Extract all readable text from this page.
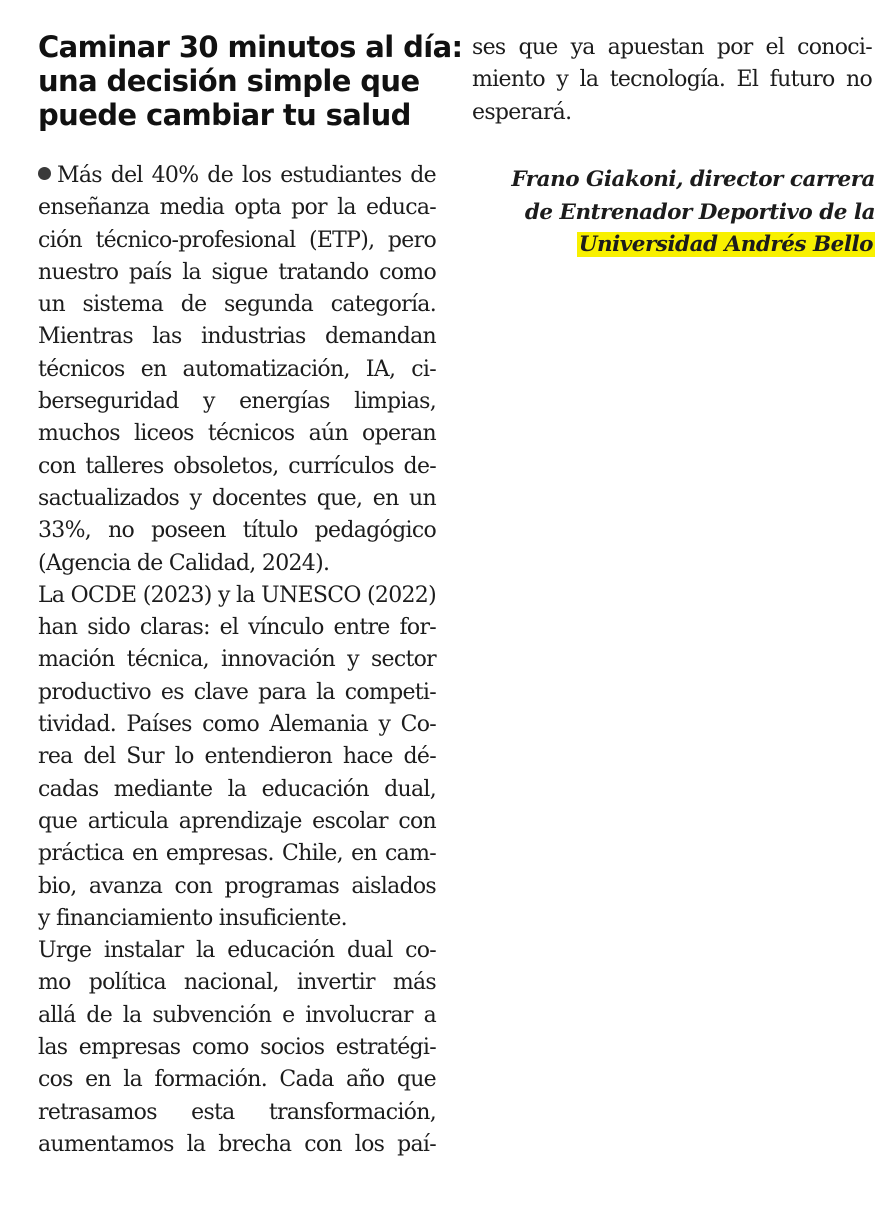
Caminar 30 minutos al día:
una decisión simple que
puede cambiar tu salud
Más del 40% de los estudiantes de
enseñanza media opta por la educa-
ción técnico-profesional (ETP), pero
nuestro país la sigue tratando como
un sistema de segunda categoría.
Mientras las industrias demandan
técnicos en automatización, IA, ci-
berseguridad y energías limpias,
muchos liceos técnicos aún operan
con talleres obsoletos, currículos de-
sactualizados y docentes que, en un
33%, no poseen título pedagógico
(Agencia de Calidad, 2024).
La OCDE (2023) y la UNESCO (2022)
han sido claras: el vínculo entre for-
mación técnica, innovación y sector
productivo es clave para la competi-
tividad. Países como Alemania y Co-
rea del Sur lo entendieron hace dé-
cadas mediante la educación dual,
que articula aprendizaje escolar con
práctica en empresas. Chile, en cam-
bio, avanza con programas aislados
y financiamiento insuficiente.
Urge instalar la educación dual co-
mo política nacional, invertir más
allá de la subvención e involucrar a
las empresas como socios estratégi-
cos en la formación. Cada año que
retrasamos esta transformación,
aumentamos la brecha con los paí-
ses que ya apuestan por el conoci-
miento y la tecnología. El futuro no
esperará.
Frano Giakoni, director carrera
de Entrenador Deportivo de la
Universidad Andrés Bello
